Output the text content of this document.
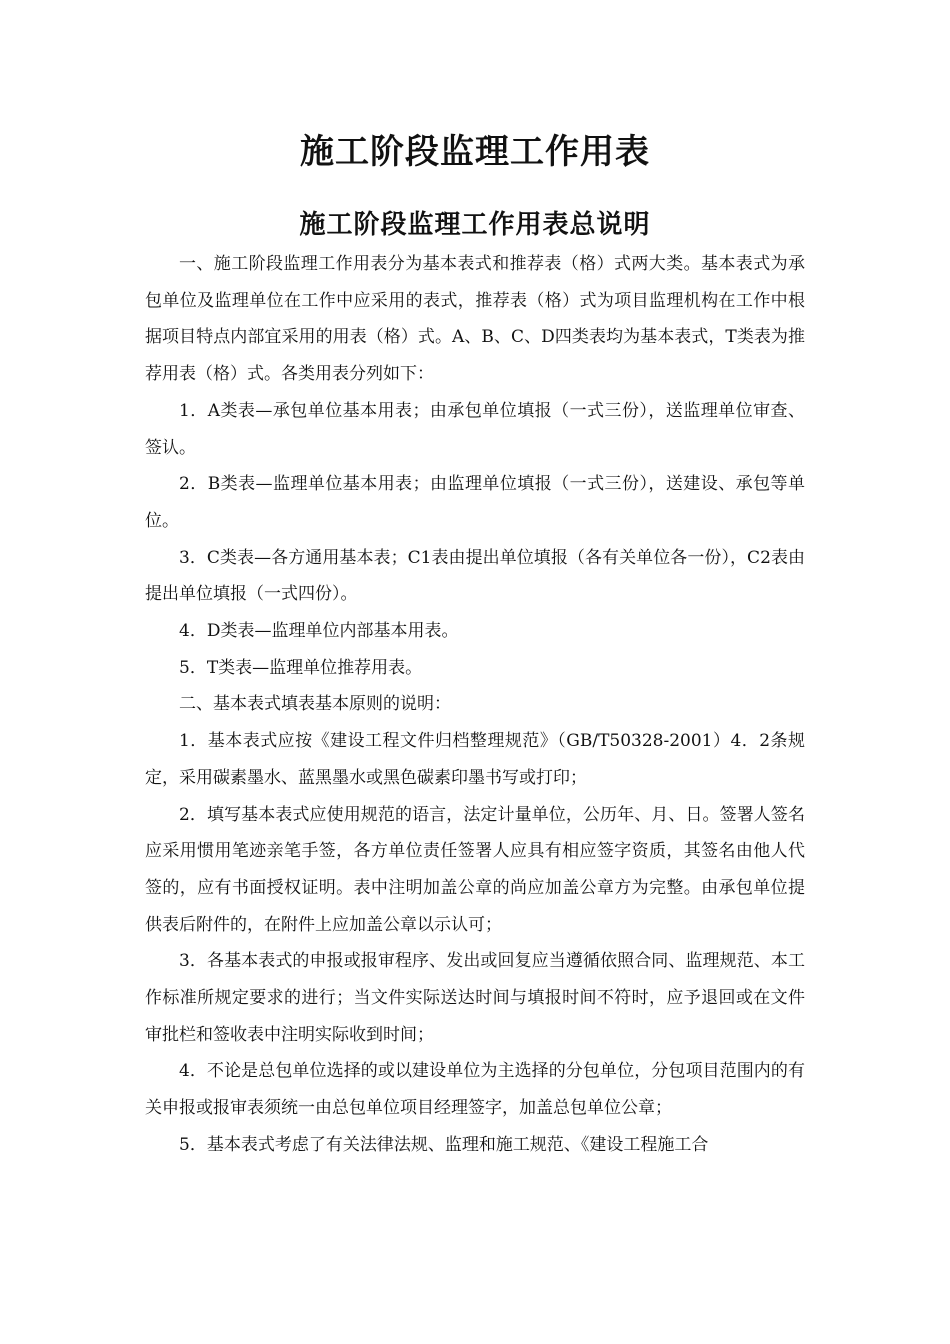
施工阶段监理工作用表
施工阶段监理工作用表总说明

一、施工阶段监理工作用表分为基本表式和推荐表（格）式两大类。基本表式为承包单位及监理单位在工作中应采用的表式，推荐表（格）式为项目监理机构在工作中根据项目特点内部宜采用的用表（格）式。A、B、C、D四类表均为基本表式，T类表为推荐用表（格）式。各类用表分列如下：

1．A类表—承包单位基本用表；由承包单位填报（一式三份），送监理单位审查、签认。

2．B类表—监理单位基本用表；由监理单位填报（一式三份），送建设、承包等单位。

3．C类表—各方通用基本表；C1表由提出单位填报（各有关单位各一份），C2表由提出单位填报（一式四份）。

4．D类表—监理单位内部基本用表。

5．T类表—监理单位推荐用表。

二、基本表式填表基本原则的说明：

1．基本表式应按《建设工程文件归档整理规范》（GB/T50328-2001）4．2条规定，采用碳素墨水、蓝黑墨水或黑色碳素印墨书写或打印；

2．填写基本表式应使用规范的语言，法定计量单位，公历年、月、日。签署人签名应采用惯用笔迹亲笔手签，各方单位责任签署人应具有相应签字资质，其签名由他人代签的，应有书面授权证明。表中注明加盖公章的尚应加盖公章方为完整。由承包单位提供表后附件的，在附件上应加盖公章以示认可；

3．各基本表式的申报或报审程序、发出或回复应当遵循依照合同、监理规范、本工作标准所规定要求的进行；当文件实际送达时间与填报时间不符时，应予退回或在文件审批栏和签收表中注明实际收到时间；

4．不论是总包单位选择的或以建设单位为主选择的分包单位，分包项目范围内的有关申报或报审表须统一由总包单位项目经理签字，加盖总包单位公章；

5．基本表式考虑了有关法律法规、监理和施工规范、《建设工程施工合
